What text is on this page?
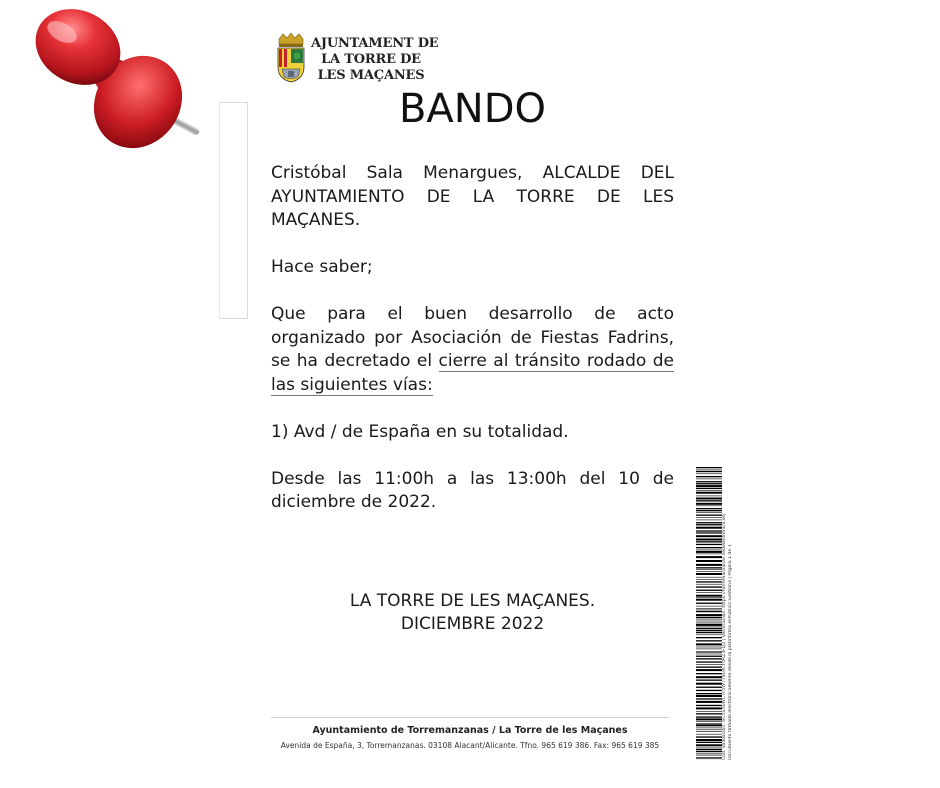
AJUNTAMENT DE
LA TORRE DE
LES MAÇANES
BANDO

Cristóbal Sala Menargues, ALCALDE DEL AYUNTAMIENTO DE LA TORRE DE LES MAÇANES.

Hace saber;

Que para el buen desarrollo de acto organizado por Asociación de Fiestas Fadrins, se ha decretado el cierre al tránsito rodado de las siguientes vías:

1) Avd / de España en su totalidad.

Desde las 11:00h a las 13:00h del 10 de diciembre de 2022.

LA TORRE DE LES MAÇANES.
DICIEMBRE 2022
Ayuntamiento de Torremanzanas / La Torre de les Maçanes
Avenida de España, 3, Torremanzanas. 03108 Alacant/Alicante. Tfno. 965 619 386. Fax: 965 619 385	Cód. Validación: 6C5S5SWC7F5W7T9LRCY0RZ3FQ2 | Verificación: https://torremanzanas.sedelectronica.es/ Documento firmado electrónicamente desde la plataforma esPublico Gestiona | Página 1 de 1
